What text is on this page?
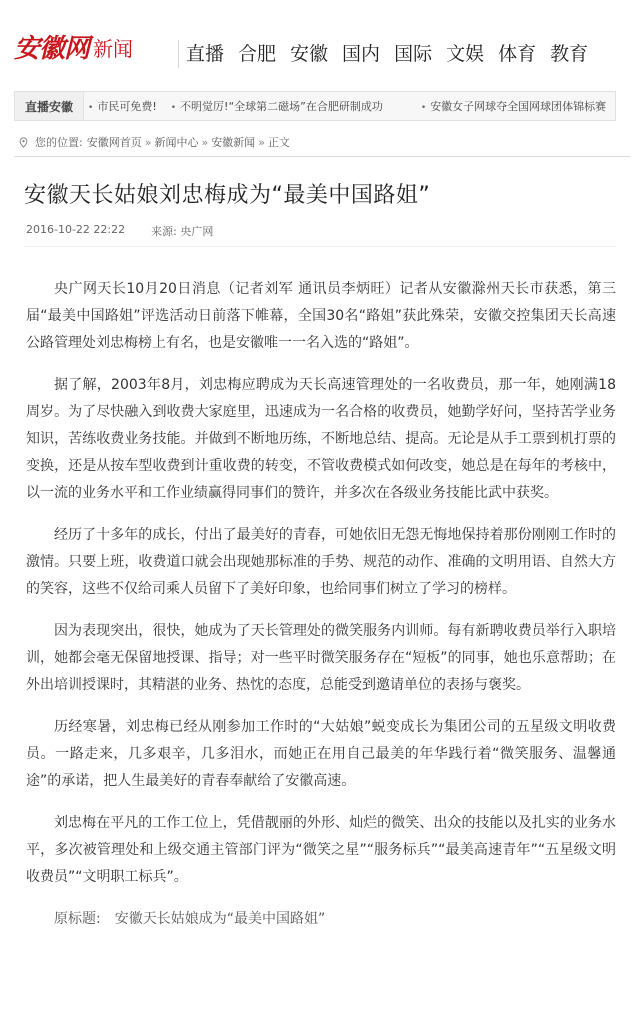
安徽网 新闻	直播 合肥 安徽 国内 国际 文娱 体育 教育
直播安徽	• 市民可免费!	• 不明觉厉!“全球第二磁场”在合肥研制成功	• 安徽女子网球夺全国网球团体锦标赛
您的位置: 安徽网首页 » 新闻中心 » 安徽新闻 » 正文
安徽天长姑娘刘忠梅成为“最美中国路姐”
2016-10-22 22:22 来源: 央广网

央广网天长10月20日消息（记者刘军 通讯员李炳旺）记者从安徽滁州天长市获悉，第三届“最美中国路姐”评选活动日前落下帷幕，全国30名“路姐”获此殊荣，安徽交控集团天长高速公路管理处刘忠梅榜上有名，也是安徽唯一一名入选的“路姐”。

据了解，2003年8月，刘忠梅应聘成为天长高速管理处的一名收费员，那一年，她刚满18周岁。为了尽快融入到收费大家庭里，迅速成为一名合格的收费员，她勤学好问，坚持苦学业务知识，苦练收费业务技能。并做到不断地历练，不断地总结、提高。无论是从手工票到机打票的变换，还是从按车型收费到计重收费的转变，不管收费模式如何改变，她总是在每年的考核中，以一流的业务水平和工作业绩赢得同事们的赞许，并多次在各级业务技能比武中获奖。

经历了十多年的成长，付出了最美好的青春，可她依旧无怨无悔地保持着那份刚刚工作时的激情。只要上班，收费道口就会出现她那标准的手势、规范的动作、准确的文明用语、自然大方的笑容，这些不仅给司乘人员留下了美好印象，也给同事们树立了学习的榜样。

因为表现突出，很快，她成为了天长管理处的微笑服务内训师。每有新聘收费员举行入职培训，她都会毫无保留地授课、指导；对一些平时微笑服务存在“短板”的同事，她也乐意帮助；在外出培训授课时，其精湛的业务、热忱的态度，总能受到邀请单位的表扬与褒奖。

历经寒暑，刘忠梅已经从刚参加工作时的“大姑娘”蜕变成长为集团公司的五星级文明收费员。一路走来，几多艰辛，几多泪水，而她正在用自己最美的年华践行着“微笑服务、温馨通途”的承诺，把人生最美好的青春奉献给了安徽高速。

刘忠梅在平凡的工作工位上，凭借靓丽的外形、灿烂的微笑、出众的技能以及扎实的业务水平，多次被管理处和上级交通主管部门评为“微笑之星”“服务标兵”“最美高速青年”“五星级文明收费员”“文明职工标兵”。

原标题: 安徽天长姑娘成为“最美中国路姐”
